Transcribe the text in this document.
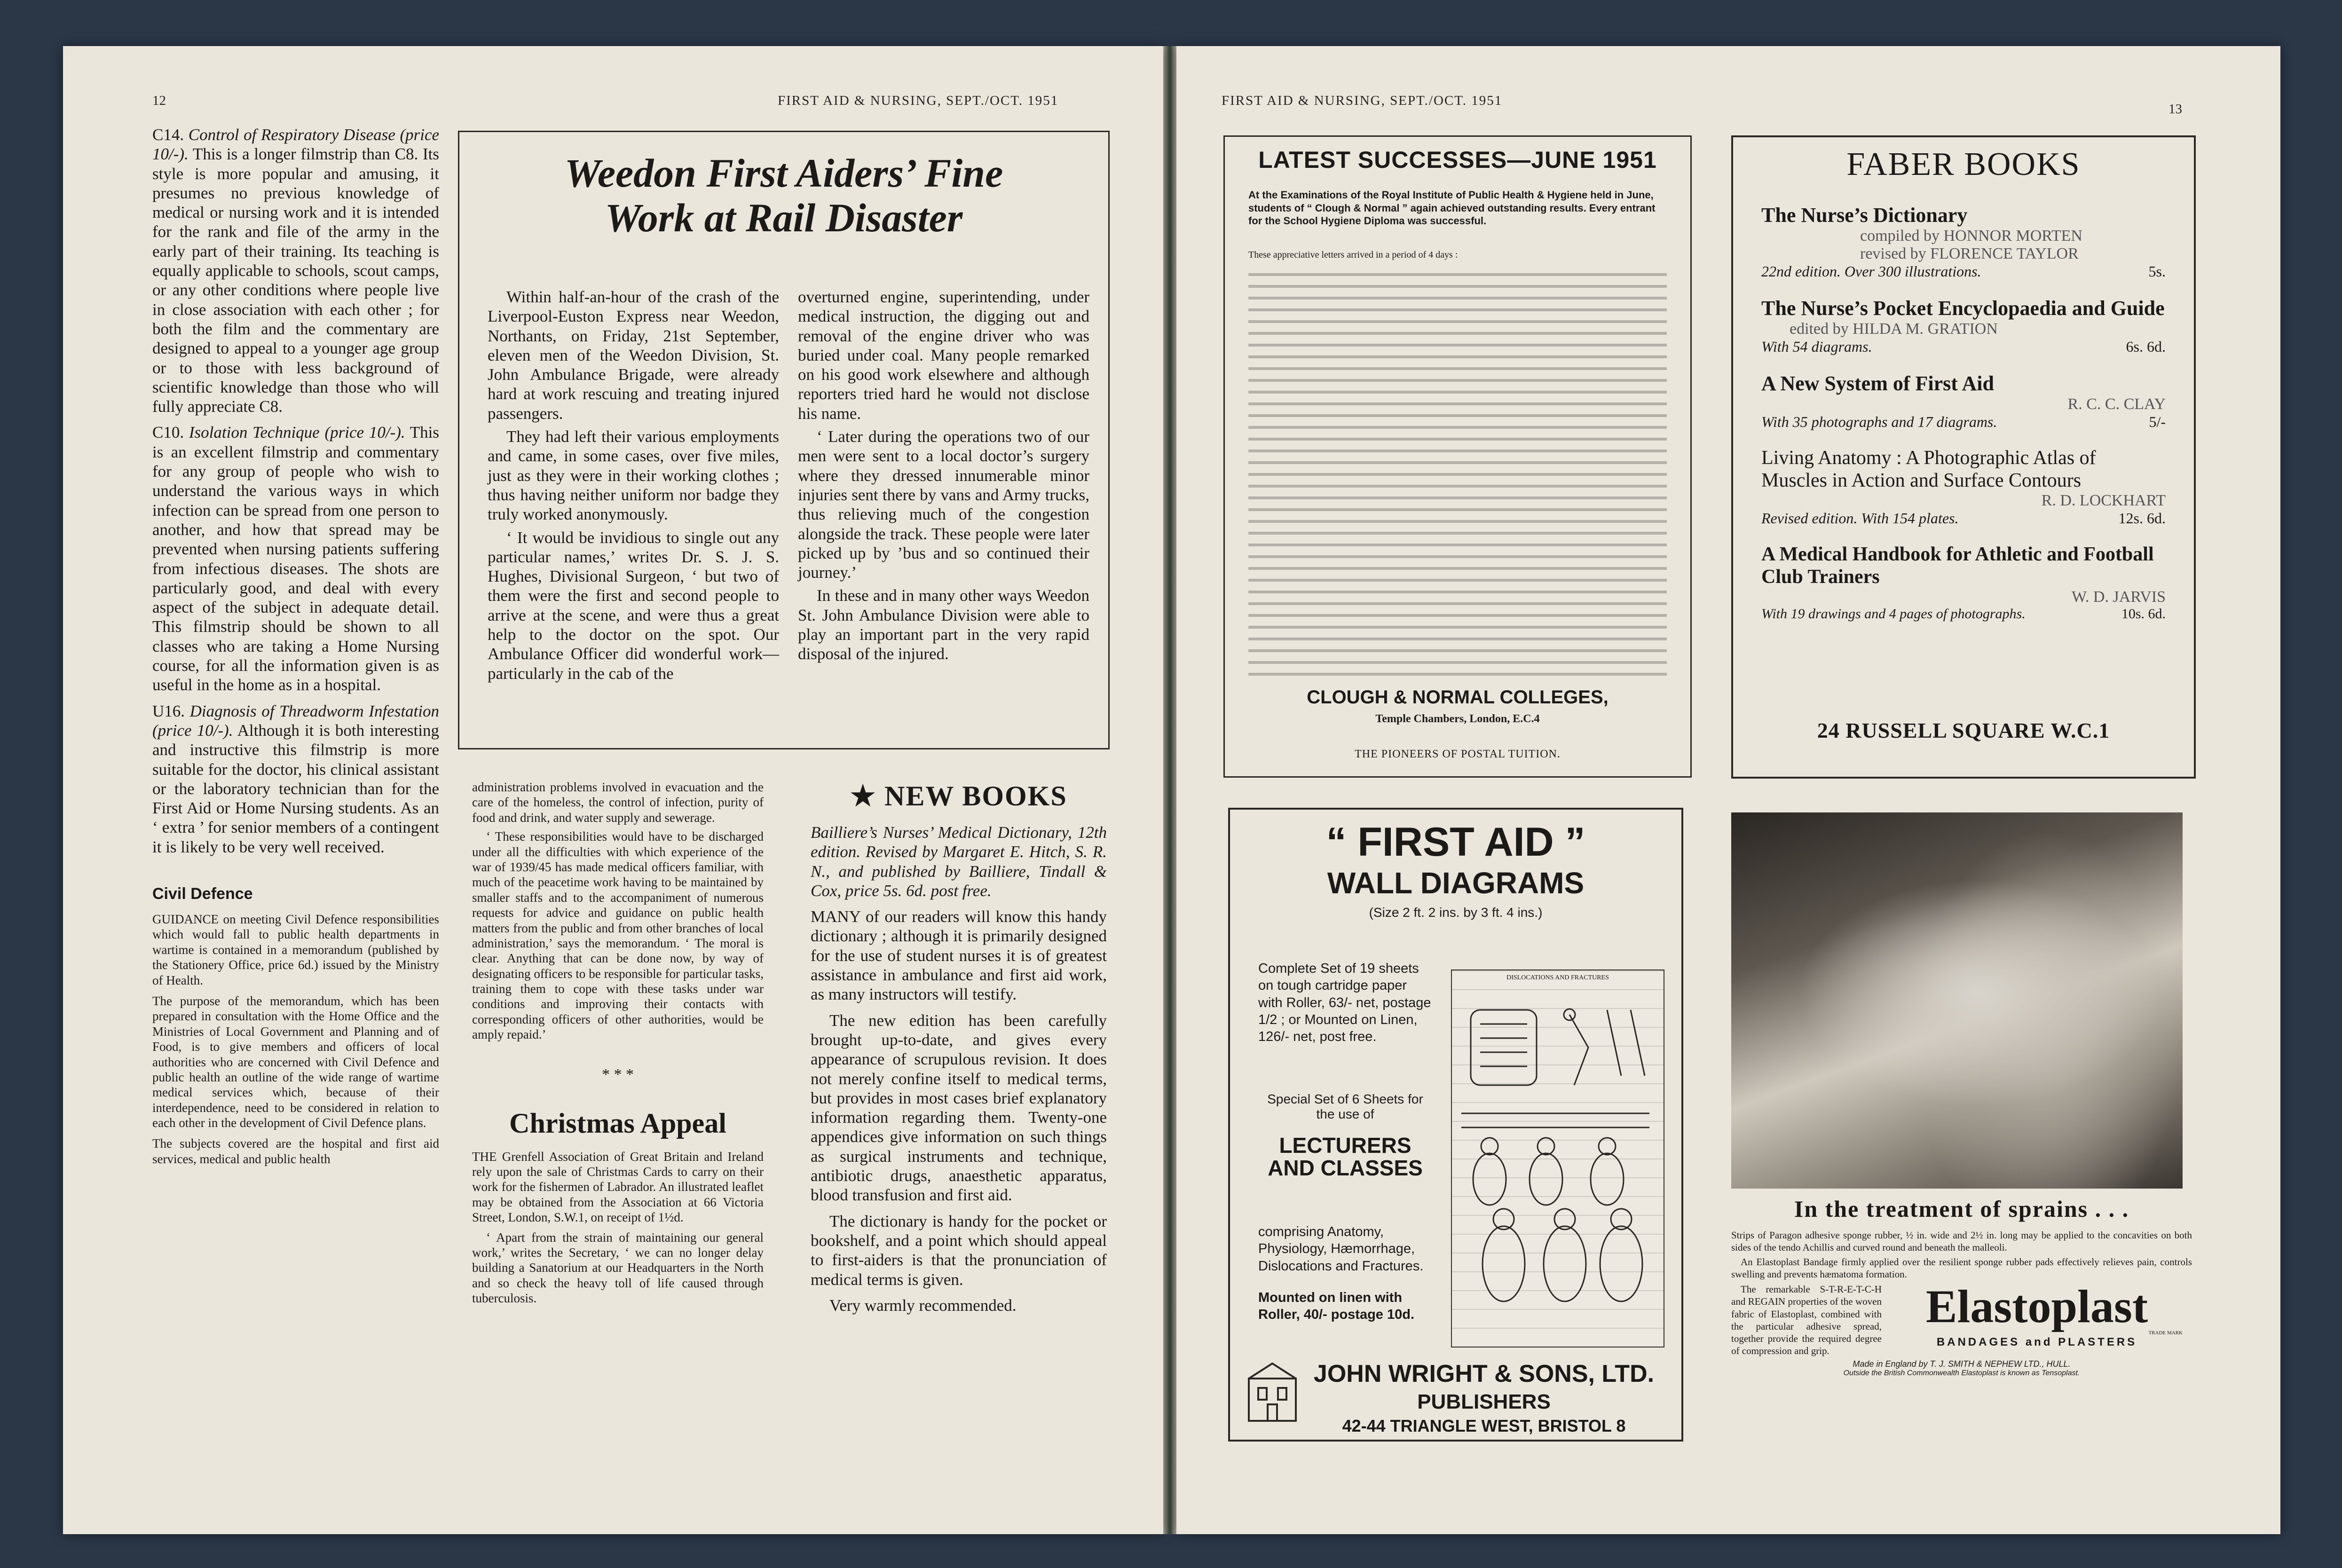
12	FIRST AID & NURSING, SEPT./OCT. 1951
C14. Control of Respiratory Disease (price 10/-). This is a longer filmstrip than C8. Its style is more popular and amusing, it presumes no previous knowledge of medical or nursing work and it is intended for the rank and file of the army in the early part of their training. Its teaching is equally applicable to schools, scout camps, or any other conditions where people live in close association with each other ; for both the film and the commentary are designed to appeal to a younger age group or to those with less background of scientific knowledge than those who will fully appreciate C8.
C10. Isolation Technique (price 10/-). This is an excellent filmstrip and commentary for any group of people who wish to understand the various ways in which infection can be spread from one person to another, and how that spread may be prevented when nursing patients suffering from infectious diseases. The shots are particularly good, and deal with every aspect of the subject in adequate detail. This filmstrip should be shown to all classes who are taking a Home Nursing course, for all the information given is as useful in the home as in a hospital.
U16. Diagnosis of Threadworm Infestation (price 10/-). Although it is both interesting and instructive this filmstrip is more suitable for the doctor, his clinical assistant or the laboratory technician than for the First Aid or Home Nursing students. As an ‘ extra ’ for senior members of a contingent it is likely to be very well received.
Civil Defence
GUIDANCE on meeting Civil Defence responsibilities which would fall to public health departments in wartime is contained in a memorandum (published by the Stationery Office, price 6d.) issued by the Ministry of Health.
The purpose of the memorandum, which has been prepared in consultation with the Home Office and the Ministries of Local Government and Planning and of Food, is to give members and officers of local authorities who are concerned with Civil Defence and public health an outline of the wide range of wartime medical services which, because of their interdependence, need to be considered in relation to each other in the development of Civil Defence plans.
The subjects covered are the hospital and first aid services, medical and public health
Weedon First Aiders’ Fine
Work at Rail Disaster

Within half-an-hour of the crash of the Liverpool-Euston Express near Weedon, Northants, on Friday, 21st September, eleven men of the Weedon Division, St. John Ambulance Brigade, were already hard at work rescuing and treating injured passengers.

They had left their various employments and came, in some cases, over five miles, just as they were in their working clothes ; thus having neither uniform nor badge they truly worked anonymously.

‘ It would be invidious to single out any particular names,’ writes Dr. S. J. S. Hughes, Divisional Surgeon, ‘ but two of them were the first and second people to arrive at the scene, and were thus a great help to the doctor on the spot. Our Ambulance Officer did wonderful work—particularly in the cab of the

overturned engine, superintending, under medical instruction, the digging out and removal of the engine driver who was buried under coal. Many people remarked on his good work elsewhere and although reporters tried hard he would not disclose his name.

‘ Later during the operations two of our men were sent to a local doctor’s surgery where they dressed innumerable minor injuries sent there by vans and Army trucks, thus relieving much of the congestion alongside the track. These people were later picked up by ’bus and so continued their journey.’

In these and in many other ways Weedon St. John Ambulance Division were able to play an important part in the very rapid disposal of the injured.

administration problems involved in evacuation and the care of the homeless, the control of infection, purity of food and drink, and water supply and sewerage.
‘ These responsibilities would have to be discharged under all the difficulties with which experience of the war of 1939/45 has made medical officers familiar, with much of the peacetime work having to be maintained by smaller staffs and to the accompaniment of numerous requests for advice and guidance on public health matters from the public and from other branches of local administration,’ says the memorandum. ‘ The moral is clear. Anything that can be done now, by way of designating officers to be responsible for particular tasks, training them to cope with these tasks under war conditions and improving their contacts with corresponding officers of other authorities, would be amply repaid.’
* * *
Christmas Appeal
THE Grenfell Association of Great Britain and Ireland rely upon the sale of Christmas Cards to carry on their work for the fishermen of Labrador. An illustrated leaflet may be obtained from the Association at 66 Victoria Street, London, S.W.1, on receipt of 1½d.
‘ Apart from the strain of maintaining our general work,’ writes the Secretary, ‘ we can no longer delay building a Sanatorium at our Headquarters in the North and so check the heavy toll of life caused through tuberculosis.
★ NEW BOOKS
Bailliere’s Nurses’ Medical Dictionary, 12th edition. Revised by Margaret E. Hitch, S. R. N., and published by Bailliere, Tindall & Cox, price 5s. 6d. post free.
MANY of our readers will know this handy dictionary ; although it is primarily designed for the use of student nurses it is of greatest assistance in ambulance and first aid work, as many instructors will testify.
The new edition has been carefully brought up-to-date, and gives every appearance of scrupulous revision. It does not merely confine itself to medical terms, but provides in most cases brief explanatory information regarding them. Twenty-one appendices give information on such things as surgical instruments and technique, antibiotic drugs, anaesthetic apparatus, blood transfusion and first aid.
The dictionary is handy for the pocket or bookshelf, and a point which should appeal to first-aiders is that the pronunciation of medical terms is given.
Very warmly recommended.
FIRST AID & NURSING, SEPT./OCT. 1951
13
LATEST SUCCESSES—JUNE 1951
At the Examinations of the Royal Institute of Public Health & Hygiene held in June, students of “ Clough & Normal ” again achieved outstanding results. Every entrant for the School Hygiene Diploma was successful.
These appreciative letters arrived in a period of 4 days :
CLOUGH & NORMAL COLLEGES,
Temple Chambers, London, E.C.4
THE PIONEERS OF POSTAL TUITION.
FABER BOOKS
The Nurse’s Dictionary
compiled by HONNOR MORTEN
revised by FLORENCE TAYLOR
22nd edition. Over 300 illustrations.	5s.
The Nurse’s Pocket Encyclopaedia and Guide
edited by HILDA M. GRATION
With 54 diagrams.	6s. 6d.
A New System of First Aid
R. C. C. CLAY
With 35 photographs and 17 diagrams.	5/-
Living Anatomy : A Photographic Atlas of Muscles in Action and Surface Contours
R. D. LOCKHART
Revised edition. With 154 plates.	12s. 6d.
A Medical Handbook for Athletic and Football Club Trainers
W. D. JARVIS
With 19 drawings and 4 pages of photographs.	10s. 6d.
24 RUSSELL SQUARE W.C.1
“ FIRST AID ”
WALL DIAGRAMS
(Size 2 ft. 2 ins. by 3 ft. 4 ins.)
Complete Set of 19 sheets on tough cartridge paper with Roller, 63/- net, postage 1/2 ; or Mounted on Linen, 126/- net, post free.
Special Set of 6 Sheets for the use of
LECTURERS AND CLASSES
comprising Anatomy, Physiology, Hæmorrhage, Dislocations and Fractures.
Mounted on linen with Roller, 40/- postage 10d.
DISLOCATIONS AND FRACTURES
JOHN WRIGHT & SONS, LTD.
PUBLISHERS
42-44 TRIANGLE WEST, BRISTOL 8
In the treatment of sprains . . .
Strips of Paragon adhesive sponge rubber, ½ in. wide and 2½ in. long may be applied to the concavities on both sides of the tendo Achillis and curved round and beneath the malleoli.
An Elastoplast Bandage firmly applied over the resilient sponge rubber pads effectively relieves pain, controls swelling and prevents hæmatoma formation.
The remarkable S-T-R-E-T-C-H and REGAIN properties of the woven fabric of Elastoplast, combined with the particular adhesive spread, together provide the required degree of compression and grip.
Elastoplast
TRADE MARK
BANDAGES and PLASTERS
Made in England by T. J. SMITH & NEPHEW LTD., HULL.
Outside the British Commonwealth Elastoplast is known as Tensoplast.
